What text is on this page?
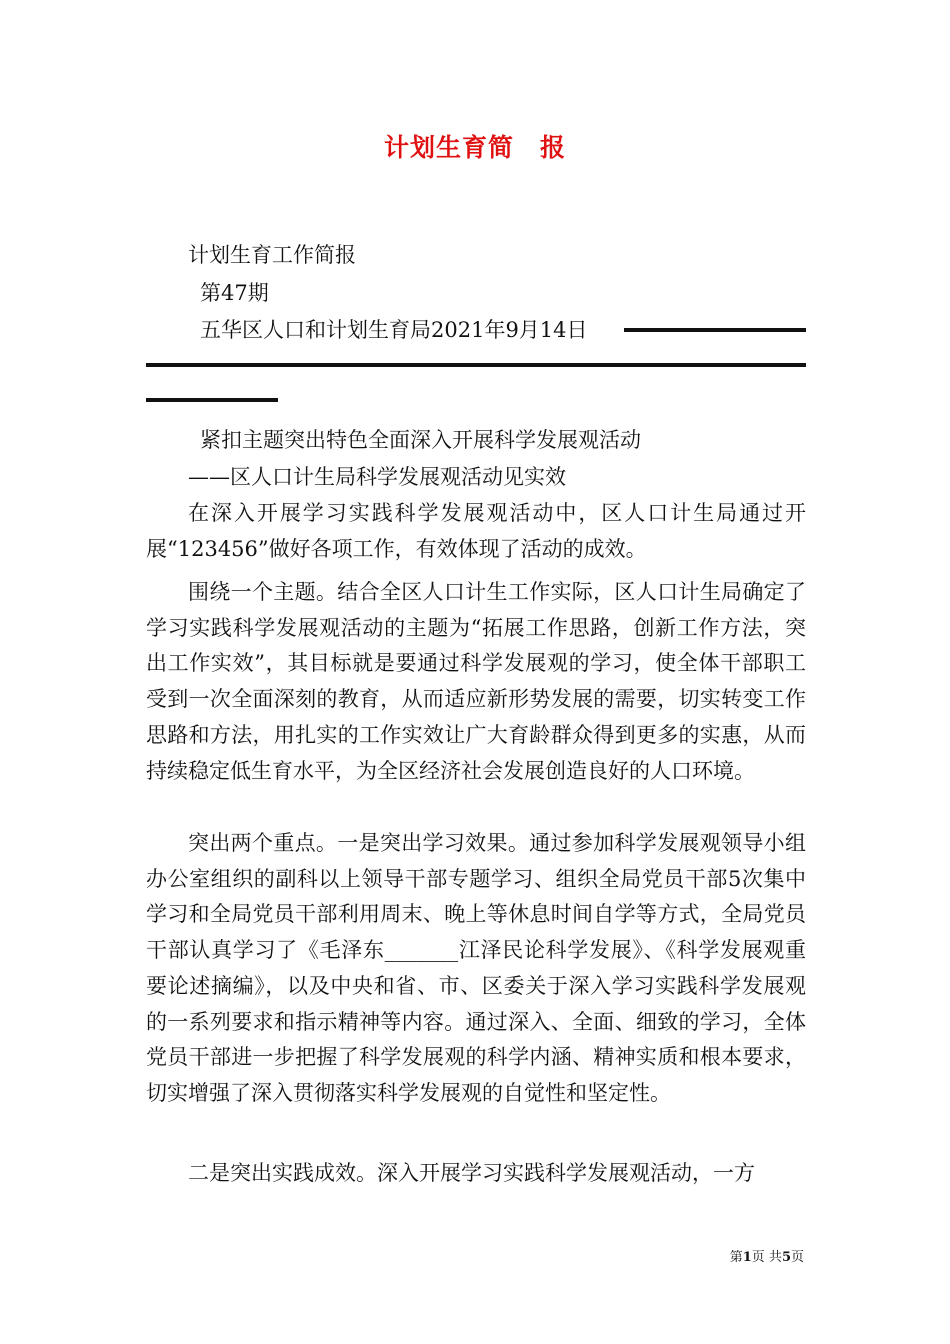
计划生育简　报
计划生育工作简报
第47期
五华区人口和计划生育局2021年9月14日
紧扣主题突出特色全面深入开展科学发展观活动
——区人口计生局科学发展观活动见实效
在深入开展学习实践科学发展观活动中，区人口计生局通过开展“123456”做好各项工作，有效体现了活动的成效。
围绕一个主题。结合全区人口计生工作实际，区人口计生局确定了学习实践科学发展观活动的主题为“拓展工作思路，创新工作方法，突出工作实效”，其目标就是要通过科学发展观的学习，使全体干部职工受到一次全面深刻的教育，从而适应新形势发展的需要，切实转变工作思路和方法，用扎实的工作实效让广大育龄群众得到更多的实惠，从而持续稳定低生育水平，为全区经济社会发展创造良好的人口环境。
突出两个重点。一是突出学习效果。通过参加科学发展观领导小组办公室组织的副科以上领导干部专题学习、组织全局党员干部5次集中学习和全局党员干部利用周末、晚上等休息时间自学等方式，全局党员干部认真学习了《毛泽东_______江泽民论科学发展》、《科学发展观重要论述摘编》，以及中央和省、市、区委关于深入学习实践科学发展观的一系列要求和指示精神等内容。通过深入、全面、细致的学习，全体党员干部进一步把握了科学发展观的科学内涵、精神实质和根本要求，切实增强了深入贯彻落实科学发展观的自觉性和坚定性。
二是突出实践成效。深入开展学习实践科学发展观活动，一方
第1页 共5页
